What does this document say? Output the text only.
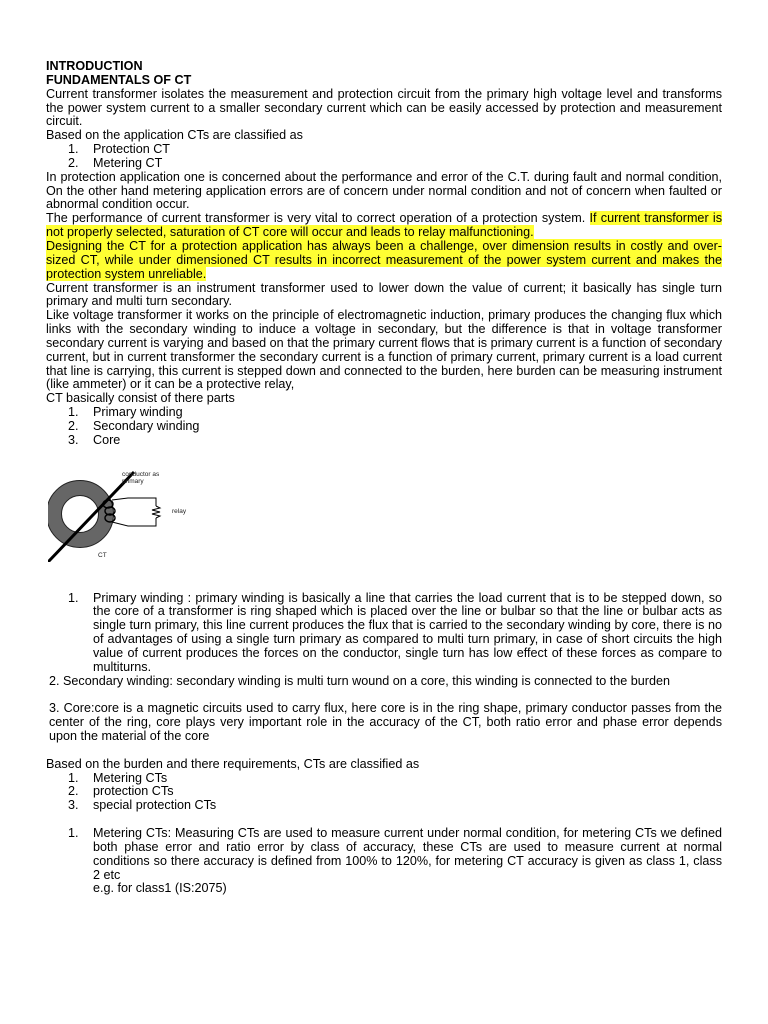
INTRODUCTION

FUNDAMENTALS OF CT

Current transformer isolates the measurement and protection circuit from the primary high voltage level and transforms the power system current to a smaller secondary current which can be easily accessed by protection and measurement circuit.

Based on the application CTs are classified as

1. Protection CT
2. Metering CT

In protection application one is concerned about the performance and error of the C.T. during fault and normal condition, On the other hand metering application errors are of concern under normal condition and not of concern when faulted or abnormal condition occur.

The performance of current transformer is very vital to correct operation of a protection system. If current transformer is not properly selected, saturation of CT core will occur and leads to relay malfunctioning.

Designing the CT for a protection application has always been a challenge, over dimension results in costly and over-sized CT, while under dimensioned CT results in incorrect measurement of the power system current and makes the protection system unreliable.

Current transformer is an instrument transformer used to lower down the value of current; it basically has single turn primary and multi turn secondary.

Like voltage transformer it works on the principle of electromagnetic induction, primary produces the changing flux which links with the secondary winding to induce a voltage in secondary, but the difference is that in voltage transformer secondary current is varying and based on that the primary current flows that is primary current is a function of secondary current, but in current transformer the secondary current is a function of primary current, primary current is a load current that line is carrying, this current is stepped down and connected to the burden, here burden can be measuring instrument (like ammeter) or it can be a protective relay,

CT basically consist of there parts

1. Primary winding
2. Secondary winding
3. Core
conductor as primary
relay
CT
1. Primary winding : primary winding is basically a line that carries the load current that is to be stepped down, so the core of a transformer is ring shaped which is placed over the line or bulbar so that the line or bulbar acts as single turn primary, this line current produces the flux that is carried to the secondary winding by core, there is no of advantages of using a single turn primary as compared to multi turn primary, in case of short circuits the high value of current produces the forces on the conductor, single turn has low effect of these forces as compare to multiturns.

2. Secondary winding: secondary winding is multi turn wound on a core, this winding is connected to the burden

3. Core:core is a magnetic circuits used to carry flux, here core is in the ring shape, primary conductor passes from the center of the ring, core plays very important role in the accuracy of the CT, both ratio error and phase error depends upon the material of the core

Based on the burden and there requirements, CTs are classified as

1. Metering CTs
2. protection CTs
3. special protection CTs
1. Metering CTs: Measuring CTs are used to measure current under normal condition, for metering CTs we defined both phase error and ratio error by class of accuracy, these CTs are used to measure current at normal conditions so there accuracy is defined from 100% to 120%, for metering CT accuracy is given as class 1, class 2 etc
e.g. for class1 (IS:2075)
